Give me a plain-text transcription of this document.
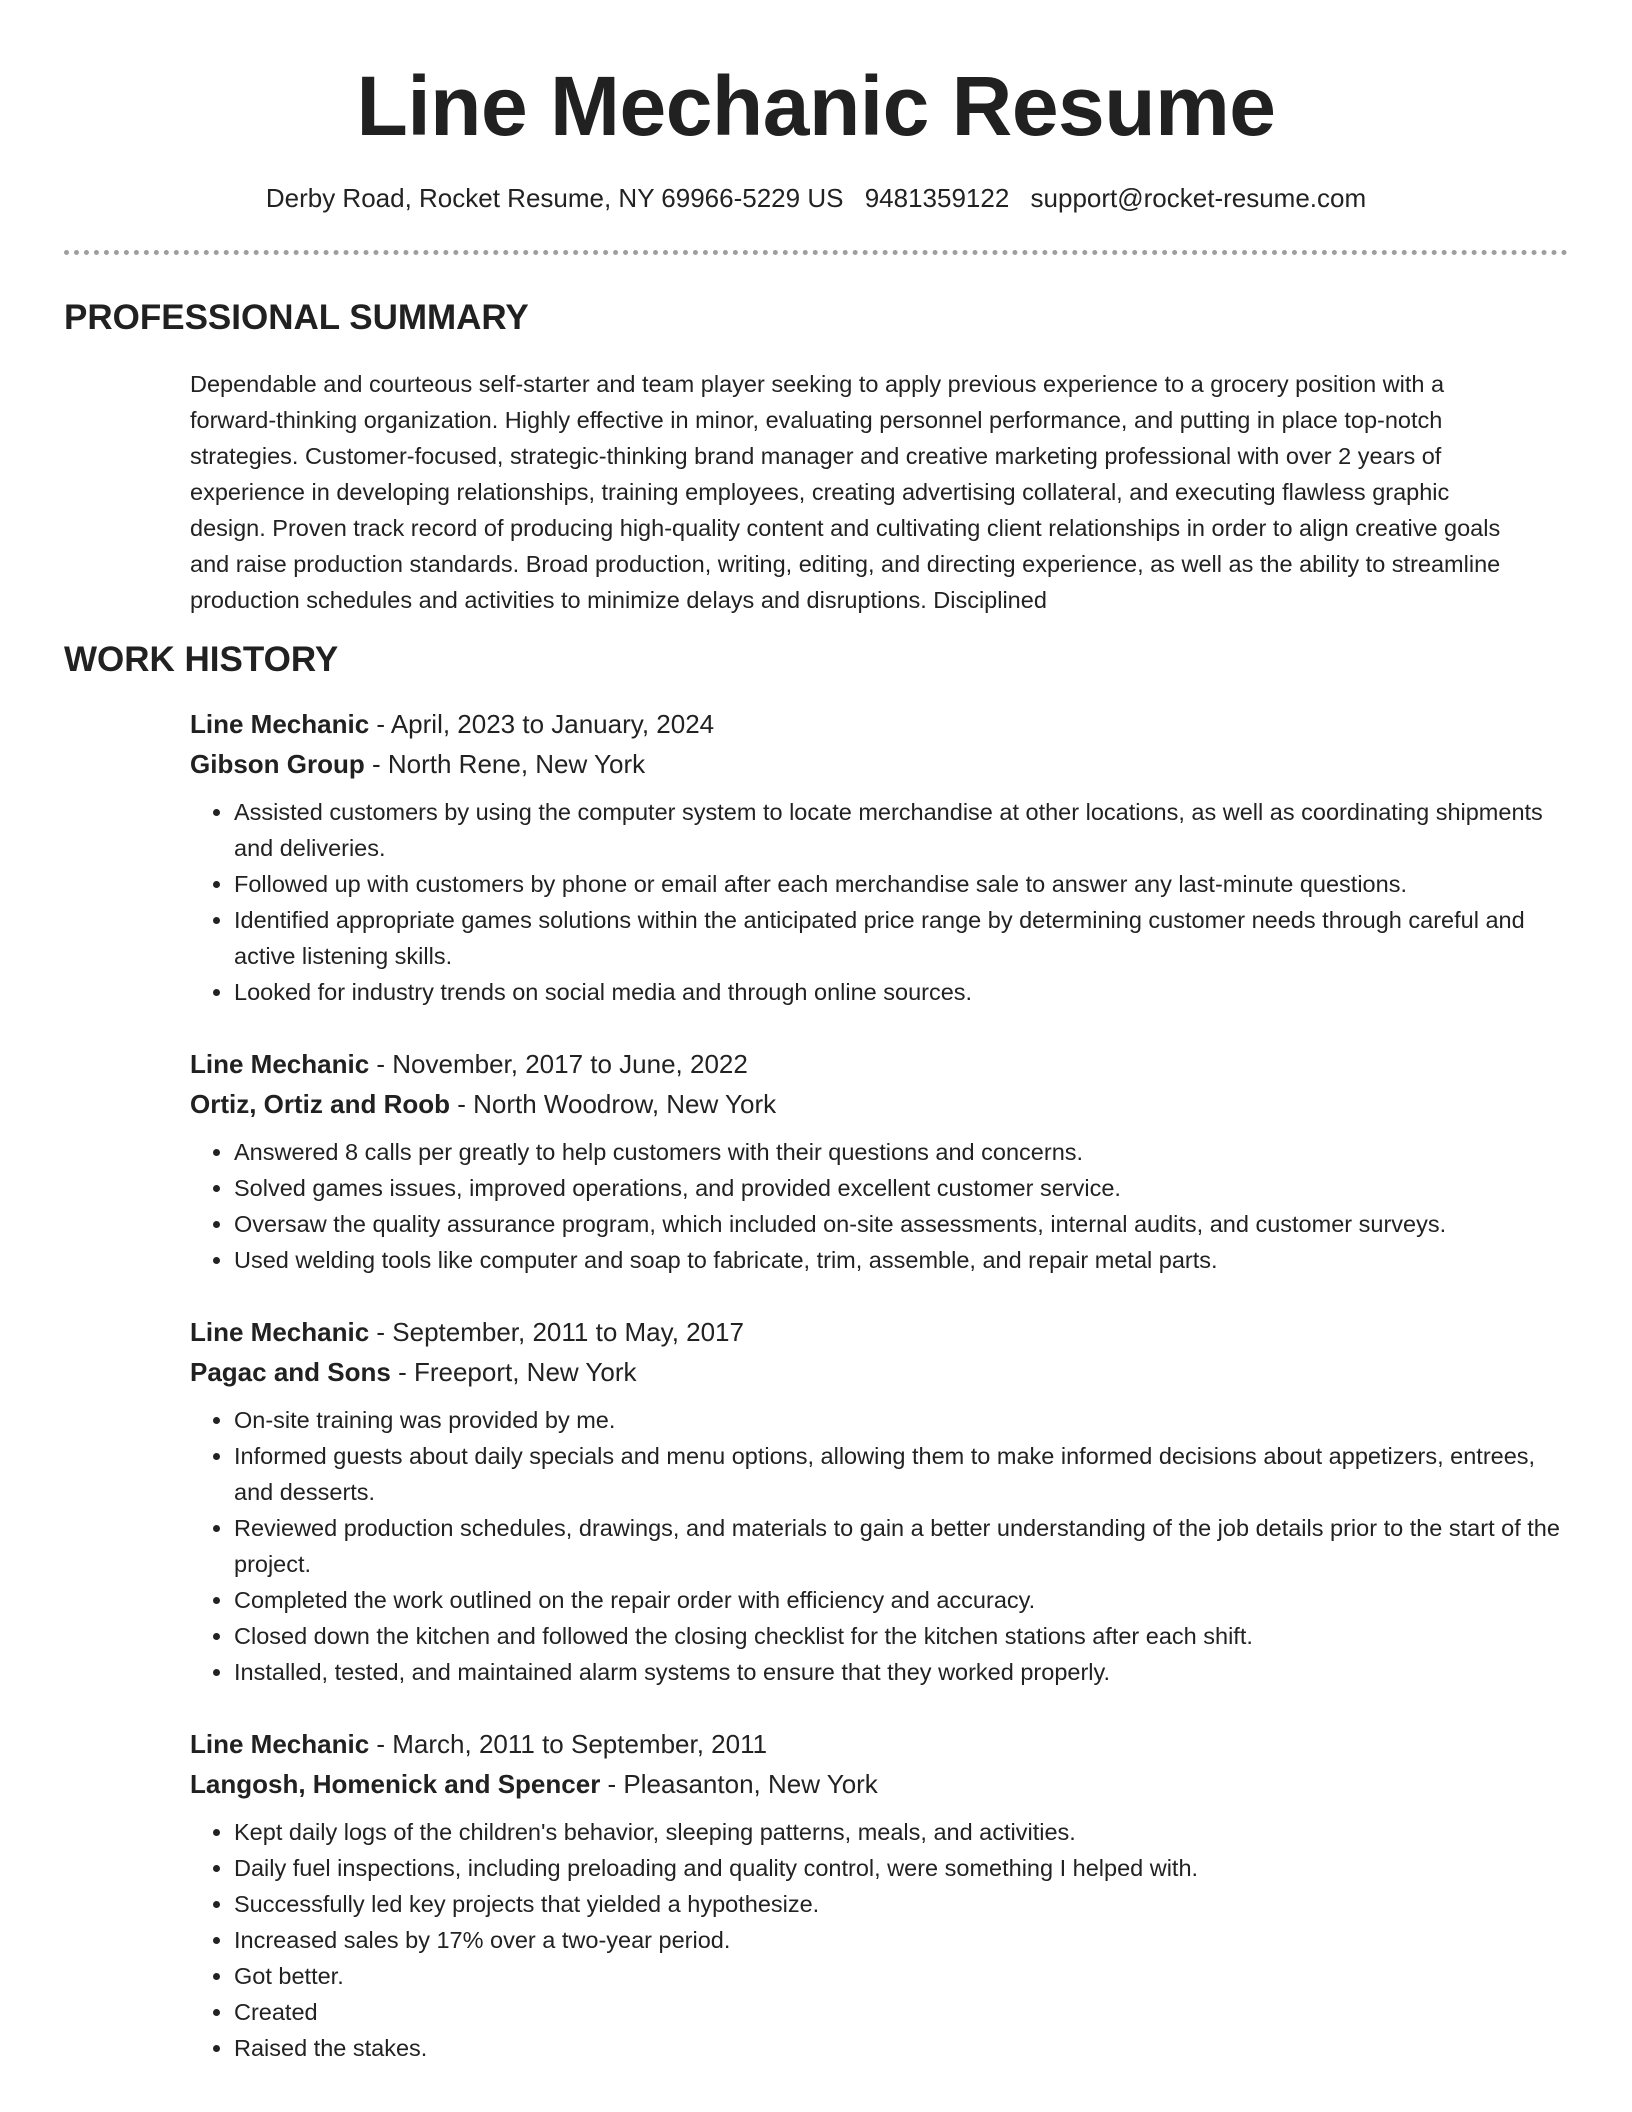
Line Mechanic Resume
Derby Road, Rocket Resume, NY 69966-5229 US 9481359122 support@rocket-resume.com
PROFESSIONAL SUMMARY

Dependable and courteous self-starter and team player seeking to apply previous experience to a grocery position with a forward-thinking organization. Highly effective in minor, evaluating personnel performance, and putting in place top-notch strategies. Customer-focused, strategic-thinking brand manager and creative marketing professional with over 2 years of experience in developing relationships, training employees, creating advertising collateral, and executing flawless graphic design. Proven track record of producing high-quality content and cultivating client relationships in order to align creative goals and raise production standards. Broad production, writing, editing, and directing experience, as well as the ability to streamline production schedules and activities to minimize delays and disruptions. Disciplined

WORK HISTORY
Line Mechanic - April, 2023 to January, 2024
Gibson Group - North Rene, New York
• Assisted customers by using the computer system to locate merchandise at other locations, as well as coordinating shipments and deliveries.
• Followed up with customers by phone or email after each merchandise sale to answer any last-minute questions.
• Identified appropriate games solutions within the anticipated price range by determining customer needs through careful and active listening skills.
• Looked for industry trends on social media and through online sources.
Line Mechanic - November, 2017 to June, 2022
Ortiz, Ortiz and Roob - North Woodrow, New York
• Answered 8 calls per greatly to help customers with their questions and concerns.
• Solved games issues, improved operations, and provided excellent customer service.
• Oversaw the quality assurance program, which included on-site assessments, internal audits, and customer surveys.
• Used welding tools like computer and soap to fabricate, trim, assemble, and repair metal parts.
Line Mechanic - September, 2011 to May, 2017
Pagac and Sons - Freeport, New York
• On-site training was provided by me.
• Informed guests about daily specials and menu options, allowing them to make informed decisions about appetizers, entrees, and desserts.
• Reviewed production schedules, drawings, and materials to gain a better understanding of the job details prior to the start of the project.
• Completed the work outlined on the repair order with efficiency and accuracy.
• Closed down the kitchen and followed the closing checklist for the kitchen stations after each shift.
• Installed, tested, and maintained alarm systems to ensure that they worked properly.
Line Mechanic - March, 2011 to September, 2011
Langosh, Homenick and Spencer - Pleasanton, New York
• Kept daily logs of the children's behavior, sleeping patterns, meals, and activities.
• Daily fuel inspections, including preloading and quality control, were something I helped with.
• Successfully led key projects that yielded a hypothesize.
• Increased sales by 17% over a two-year period.
• Got better.
• Created
• Raised the stakes.
